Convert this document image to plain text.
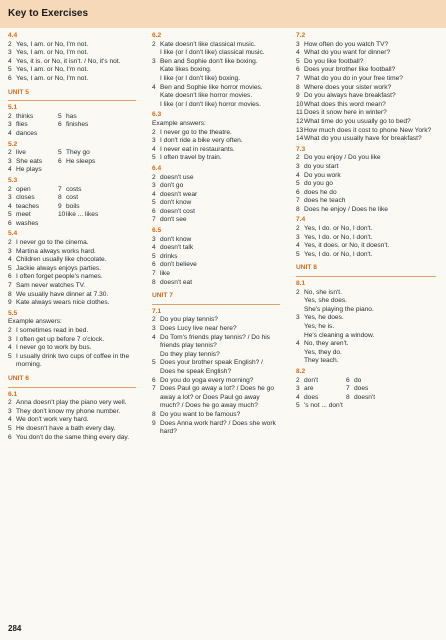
Key to Exercises
4.4
2 Yes, I am. or No, I'm not.
3 Yes, I am. or No, I'm not.
4 Yes, it is. or No, it isn't. / No, it's not.
5 Yes, I am. or No, I'm not.
6 Yes, I am. or No, I'm not.
UNIT 5
5.1
2 thinks	5 has
3 flies	6 finishes
4 dances
5.2
2 live	5 They go
3 She eats	6 He sleeps
4 He plays
5.3
2 open	7 costs
3 closes	8 cost
4 teaches	9 boils
5 meet	10 like ... likes
6 washes
5.4
2 I never go to the cinema.
3 Martina always works hard.
4 Children usually like chocolate.
5 Jackie always enjoys parties.
6 I often forget people's names.
7 Sam never watches TV.
8 We usually have dinner at 7.30.
9 Kate always wears nice clothes.
5.5
Example answers:
2 I sometimes read in bed.
3 I often get up before 7 o'clock.
4 I never go to work by bus.
5 I usually drink two cups of coffee in the morning.
UNIT 6
6.1
2 Anna doesn't play the piano very well.
3 They don't know my phone number.
4 We don't work very hard.
5 He doesn't have a bath every day.
6 You don't do the same thing every day.
6.2
2 Kate doesn't like classical music.
I like (or I don't like) classical music.
3 Ben and Sophie don't like boxing.
Kate likes boxing.
I like (or I don't like) boxing.
4 Ben and Sophie like horror movies.
Kate doesn't like horror movies.
I like (or I don't like) horror movies.
6.3
Example answers:
2 I never go to the theatre.
3 I don't ride a bike very often.
4 I never eat in restaurants.
5 I often travel by train.
6.4
2 doesn't use
3 don't go
4 doesn't wear
5 don't know
6 doesn't cost
7 don't see
6.5
3 don't know
4 doesn't talk
5 drinks
6 don't believe
7 like
8 doesn't eat
UNIT 7
7.1
2 Do you play tennis?
3 Does Lucy live near here?
4 Do Tom's friends play tennis? / Do his friends play tennis?
Do they play tennis?
5 Does your brother speak English? / Does he speak English?
6 Do you do yoga every morning?
7 Does Paul go away a lot? / Does he go away a lot? or Does Paul go away much? / Does he go away much?
8 Do you want to be famous?
9 Does Anna work hard? / Does she work hard?
7.2
3 How often do you watch TV?
4 What do you want for dinner?
5 Do you like football?
6 Does your brother like football?
7 What do you do in your free time?
8 Where does your sister work?
9 Do you always have breakfast?
10 What does this word mean?
11 Does it snow here in winter?
12 What time do you usually go to bed?
13 How much does it cost to phone New York?
14 What do you usually have for breakfast?
7.3
2 Do you enjoy / Do you like
3 do you start
4 Do you work
5 do you go
6 does he do
7 does he teach
8 Does he enjoy / Does he like
7.4
2 Yes, I do. or No, I don't.
3 Yes, I do. or No, I don't.
4 Yes, it does. or No, it doesn't.
5 Yes, I do. or No, I don't.
UNIT 8
8.1
2 No, she isn't.
Yes, she does.
She's playing the piano.
3 Yes, he does.
Yes, he is.
He's cleaning a window.
4 No, they aren't.
Yes, they do.
They teach.
8.2
2 don't	6 do
3 are	7 does
4 does	8 doesn't
5 's not ... don't
284
